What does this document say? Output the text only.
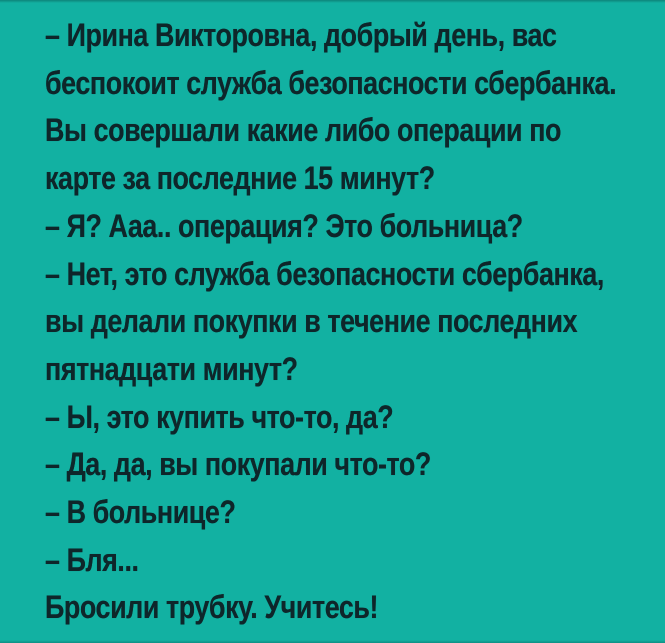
– Ирина Викторовна, добрый день, вас
беспокоит служба безопасности сбербанка.
Вы совершали какие либо операции по
карте за последние 15 минут?
– Я? Ааа.. операция? Это больница?
– Нет, это служба безопасности сбербанка,
вы делали покупки в течение последних
пятнадцати минут?
– Ы, это купить что-то, да?
– Да, да, вы покупали что-то?
– В больнице?
– Бля...
Бросили трубку. Учитесь!
